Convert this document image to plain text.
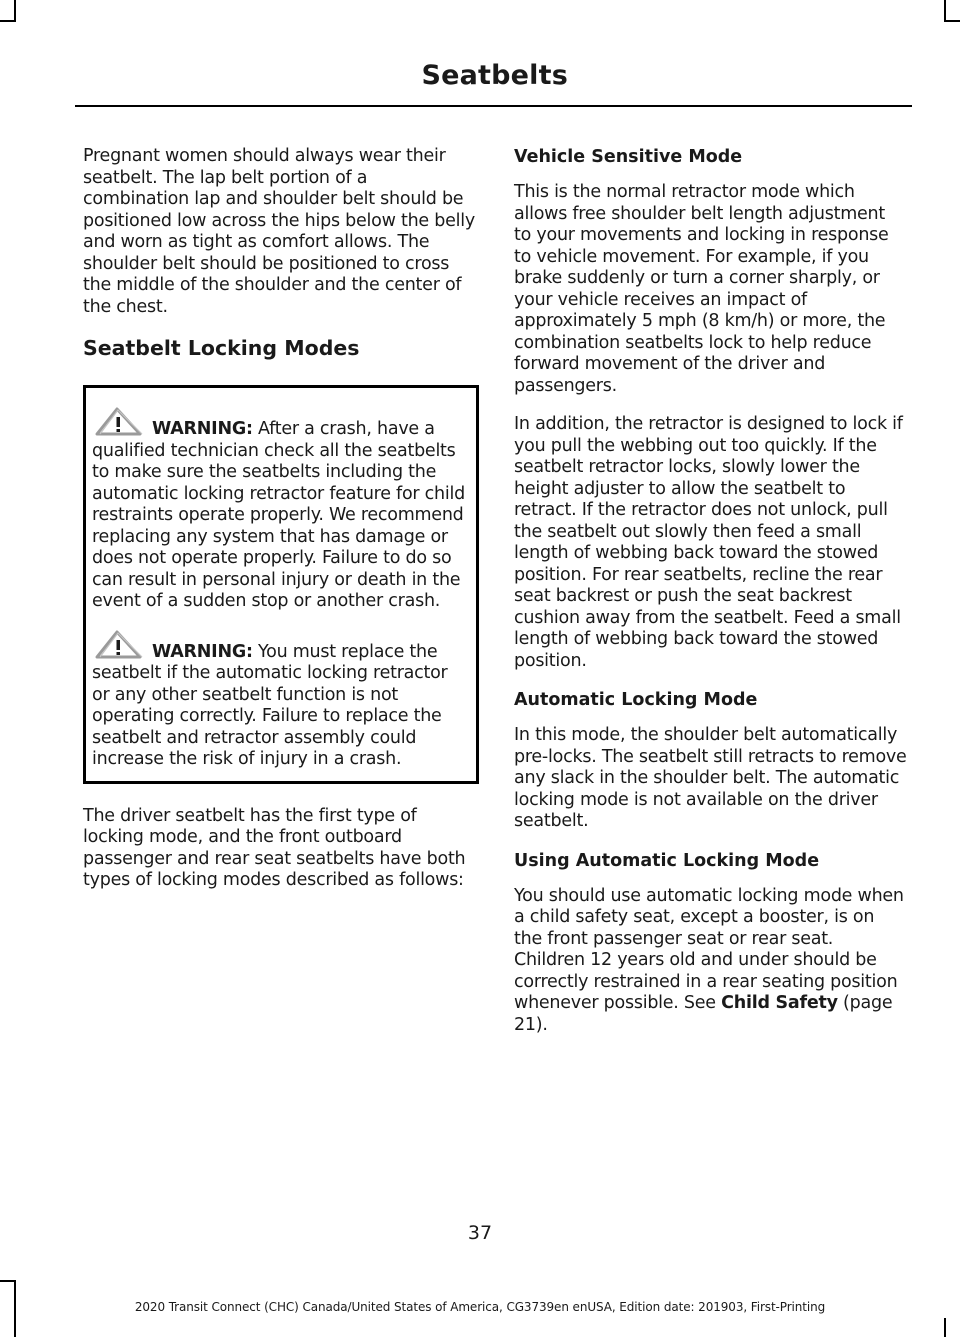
Seatbelts

Pregnant women should always wear their seatbelt. The lap belt portion of a combination lap and shoulder belt should be positioned low across the hips below the belly and worn as tight as comfort allows. The shoulder belt should be positioned to cross the middle of the shoulder and the center of the chest.

Seatbelt Locking Modes

WARNING: After a crash, have a qualified technician check all the seatbelts to make sure the seatbelts including the automatic locking retractor feature for child restraints operate properly. We recommend replacing any system that has damage or does not operate properly. Failure to do so can result in personal injury or death in the event of a sudden stop or another crash.

WARNING: You must replace the seatbelt if the automatic locking retractor or any other seatbelt function is not operating correctly. Failure to replace the seatbelt and retractor assembly could increase the risk of injury in a crash.

The driver seatbelt has the first type of locking mode, and the front outboard passenger and rear seat seatbelts have both types of locking modes described as follows:

Vehicle Sensitive Mode

This is the normal retractor mode which allows free shoulder belt length adjustment to your movements and locking in response to vehicle movement. For example, if you brake suddenly or turn a corner sharply, or your vehicle receives an impact of approximately 5 mph (8 km/h) or more, the combination seatbelts lock to help reduce forward movement of the driver and passengers.

In addition, the retractor is designed to lock if you pull the webbing out too quickly. If the seatbelt retractor locks, slowly lower the height adjuster to allow the seatbelt to retract. If the retractor does not unlock, pull the seatbelt out slowly then feed a small length of webbing back toward the stowed position. For rear seatbelts, recline the rear seat backrest or push the seat backrest cushion away from the seatbelt. Feed a small length of webbing back toward the stowed position.

Automatic Locking Mode

In this mode, the shoulder belt automatically pre-locks. The seatbelt still retracts to remove any slack in the shoulder belt. The automatic locking mode is not available on the driver seatbelt.

Using Automatic Locking Mode

You should use automatic locking mode when a child safety seat, except a booster, is on the front passenger seat or rear seat. Children 12 years old and under should be correctly restrained in a rear seating position whenever possible. See Child Safety (page 21).

37
2020 Transit Connect (CHC) Canada/United States of America, CG3739en enUSA, Edition date: 201903, First-Printing
